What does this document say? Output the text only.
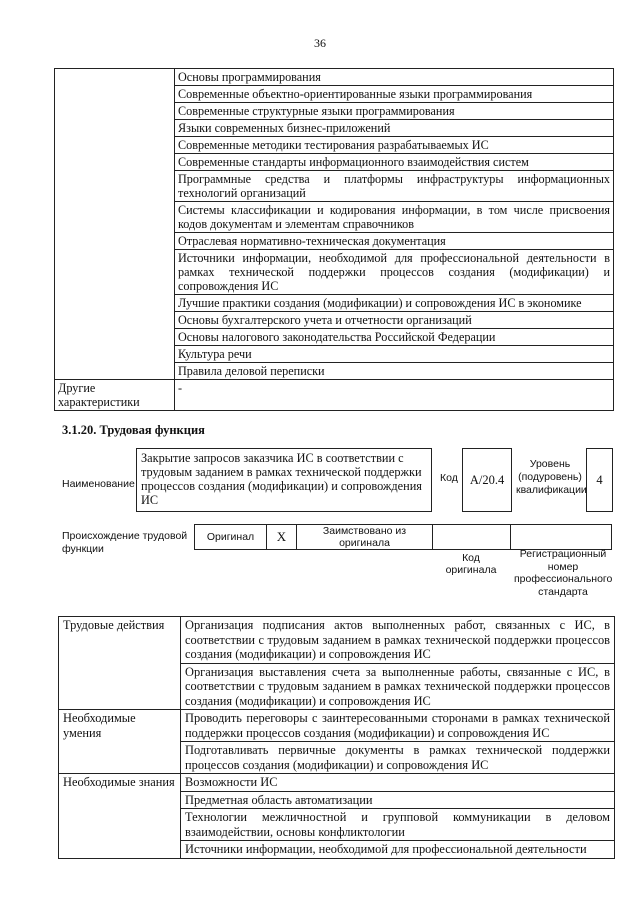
36
	Основы программирования
	Современные объектно-ориентированные языки программирования
	Современные структурные языки программирования
	Языки современных бизнес-приложений
	Современные методики тестирования разрабатываемых ИС
	Современные стандарты информационного взаимодействия систем
	Программные средства и платформы инфраструктуры информационных технологий организаций
	Системы классификации и кодирования информации, в том числе присвоения кодов документам и элементам справочников
	Отраслевая нормативно-техническая документация
	Источники информации, необходимой для профессиональной деятельности в рамках технической поддержки процессов создания (модификации) и сопровождения ИС
	Лучшие практики создания (модификации) и сопровождения ИС в экономике
	Основы бухгалтерского учета и отчетности организаций
	Основы налогового законодательства Российской Федерации
	Культура речи
	Правила деловой переписки
Другие характеристики	-
3.1.20. Трудовая функция
Наименование
Закрытие запросов заказчика ИС в соответствии с трудовым заданием в рамках технической поддержки процессов создания (модификации) и сопровождения ИС
Код A/20.4
Уровень (подуровень) квалификации
4
Происхождение трудовой функции
Оригинал	X	Заимствовано из оригинала		
Код оригинала
Регистрационный номер профессионального стандарта
Трудовые действия	Организация подписания актов выполненных работ, связанных с ИС, в соответствии с трудовым заданием в рамках технической поддержки процессов создания (модификации) и сопровождения ИС
	Организация выставления счета за выполненные работы, связанные с ИС, в соответствии с трудовым заданием в рамках технической поддержки процессов создания (модификации) и сопровождения ИС
Необходимые умения	Проводить переговоры с заинтересованными сторонами в рамках технической поддержки процессов создания (модификации) и сопровождения ИС
	Подготавливать первичные документы в рамках технической поддержки процессов создания (модификации) и сопровождения ИС
Необходимые знания	Возможности ИС
	Предметная область автоматизации
	Технологии межличностной и групповой коммуникации в деловом взаимодействии, основы конфликтологии
	Источники информации, необходимой для профессиональной деятельности
